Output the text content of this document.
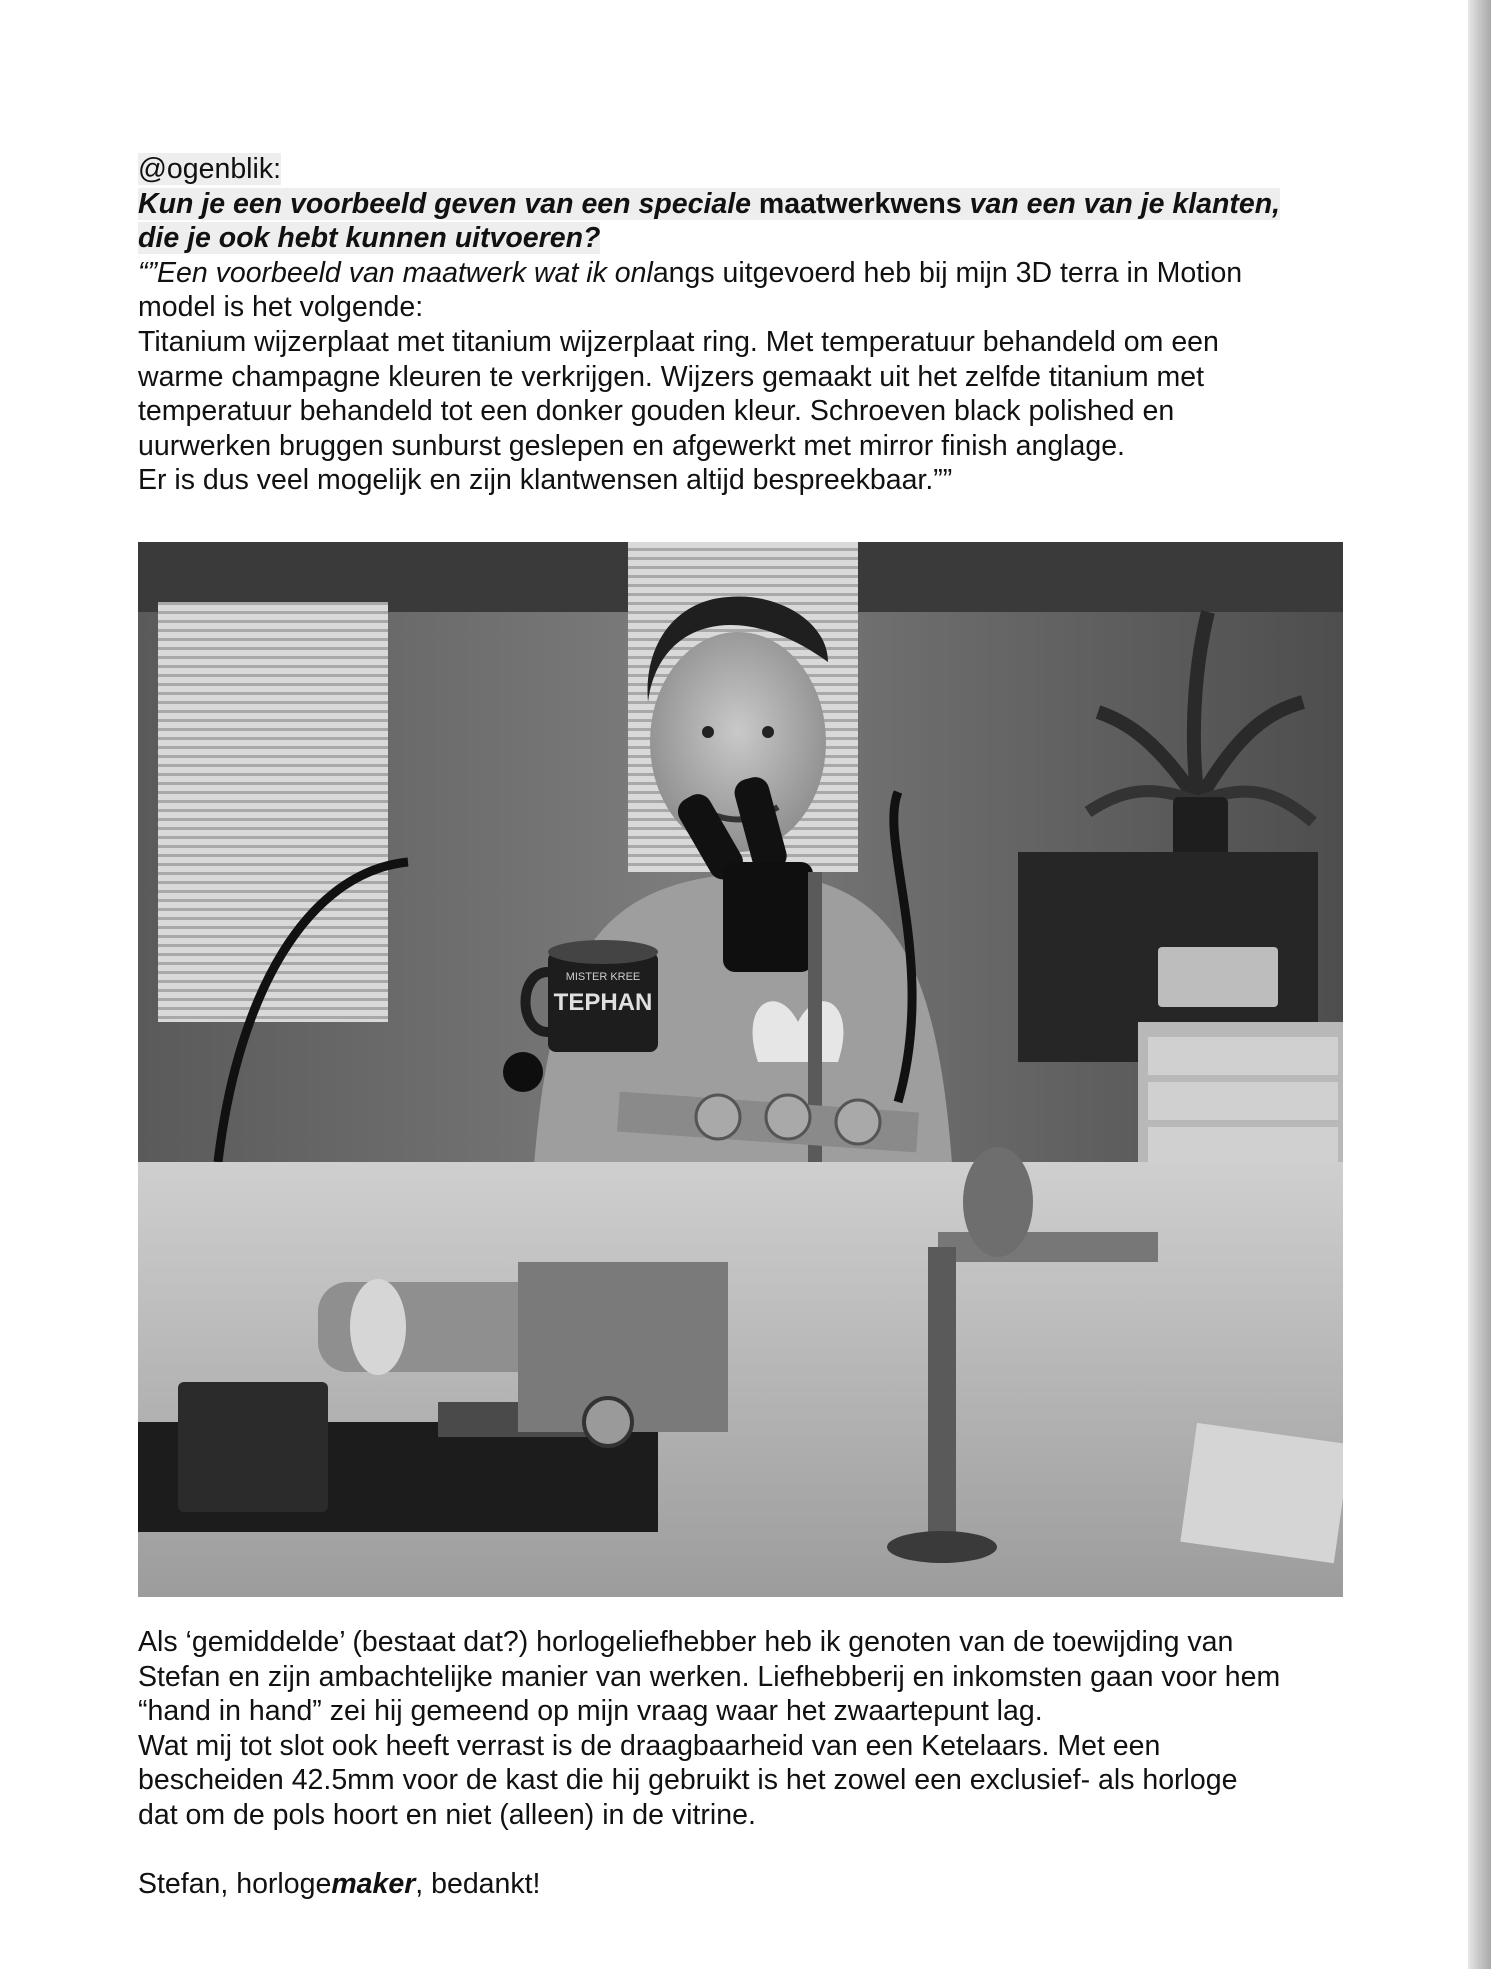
@ogenblik:
Kun je een voorbeeld geven van een speciale maatwerkwens van een van je klanten,
die je ook hebt kunnen uitvoeren?
“”Een voorbeeld van maatwerk wat ik onlangs uitgevoerd heb bij mijn 3D terra in Motion
model is het volgende:
Titanium wijzerplaat met titanium wijzerplaat ring. Met temperatuur behandeld om een
warme champagne kleuren te verkrijgen. Wijzers gemaakt uit het zelfde titanium met
temperatuur behandeld tot een donker gouden kleur. Schroeven black polished en
uurwerken bruggen sunburst geslepen en afgewerkt met mirror finish anglage.
Er is dus veel mogelijk en zijn klantwensen altijd bespreekbaar.””
MISTER KREE
TEPHAN
Als ‘gemiddelde’ (bestaat dat?) horlogeliefhebber heb ik genoten van de toewijding van
Stefan en zijn ambachtelijke manier van werken. Liefhebberij en inkomsten gaan voor hem
“hand in hand” zei hij gemeend op mijn vraag waar het zwaartepunt lag.
Wat mij tot slot ook heeft verrast is de draagbaarheid van een Ketelaars. Met een
bescheiden 42.5mm voor de kast die hij gebruikt is het zowel een exclusief- als horloge
dat om de pols hoort en niet (alleen) in de vitrine.
Stefan, horlogemaker, bedankt!
